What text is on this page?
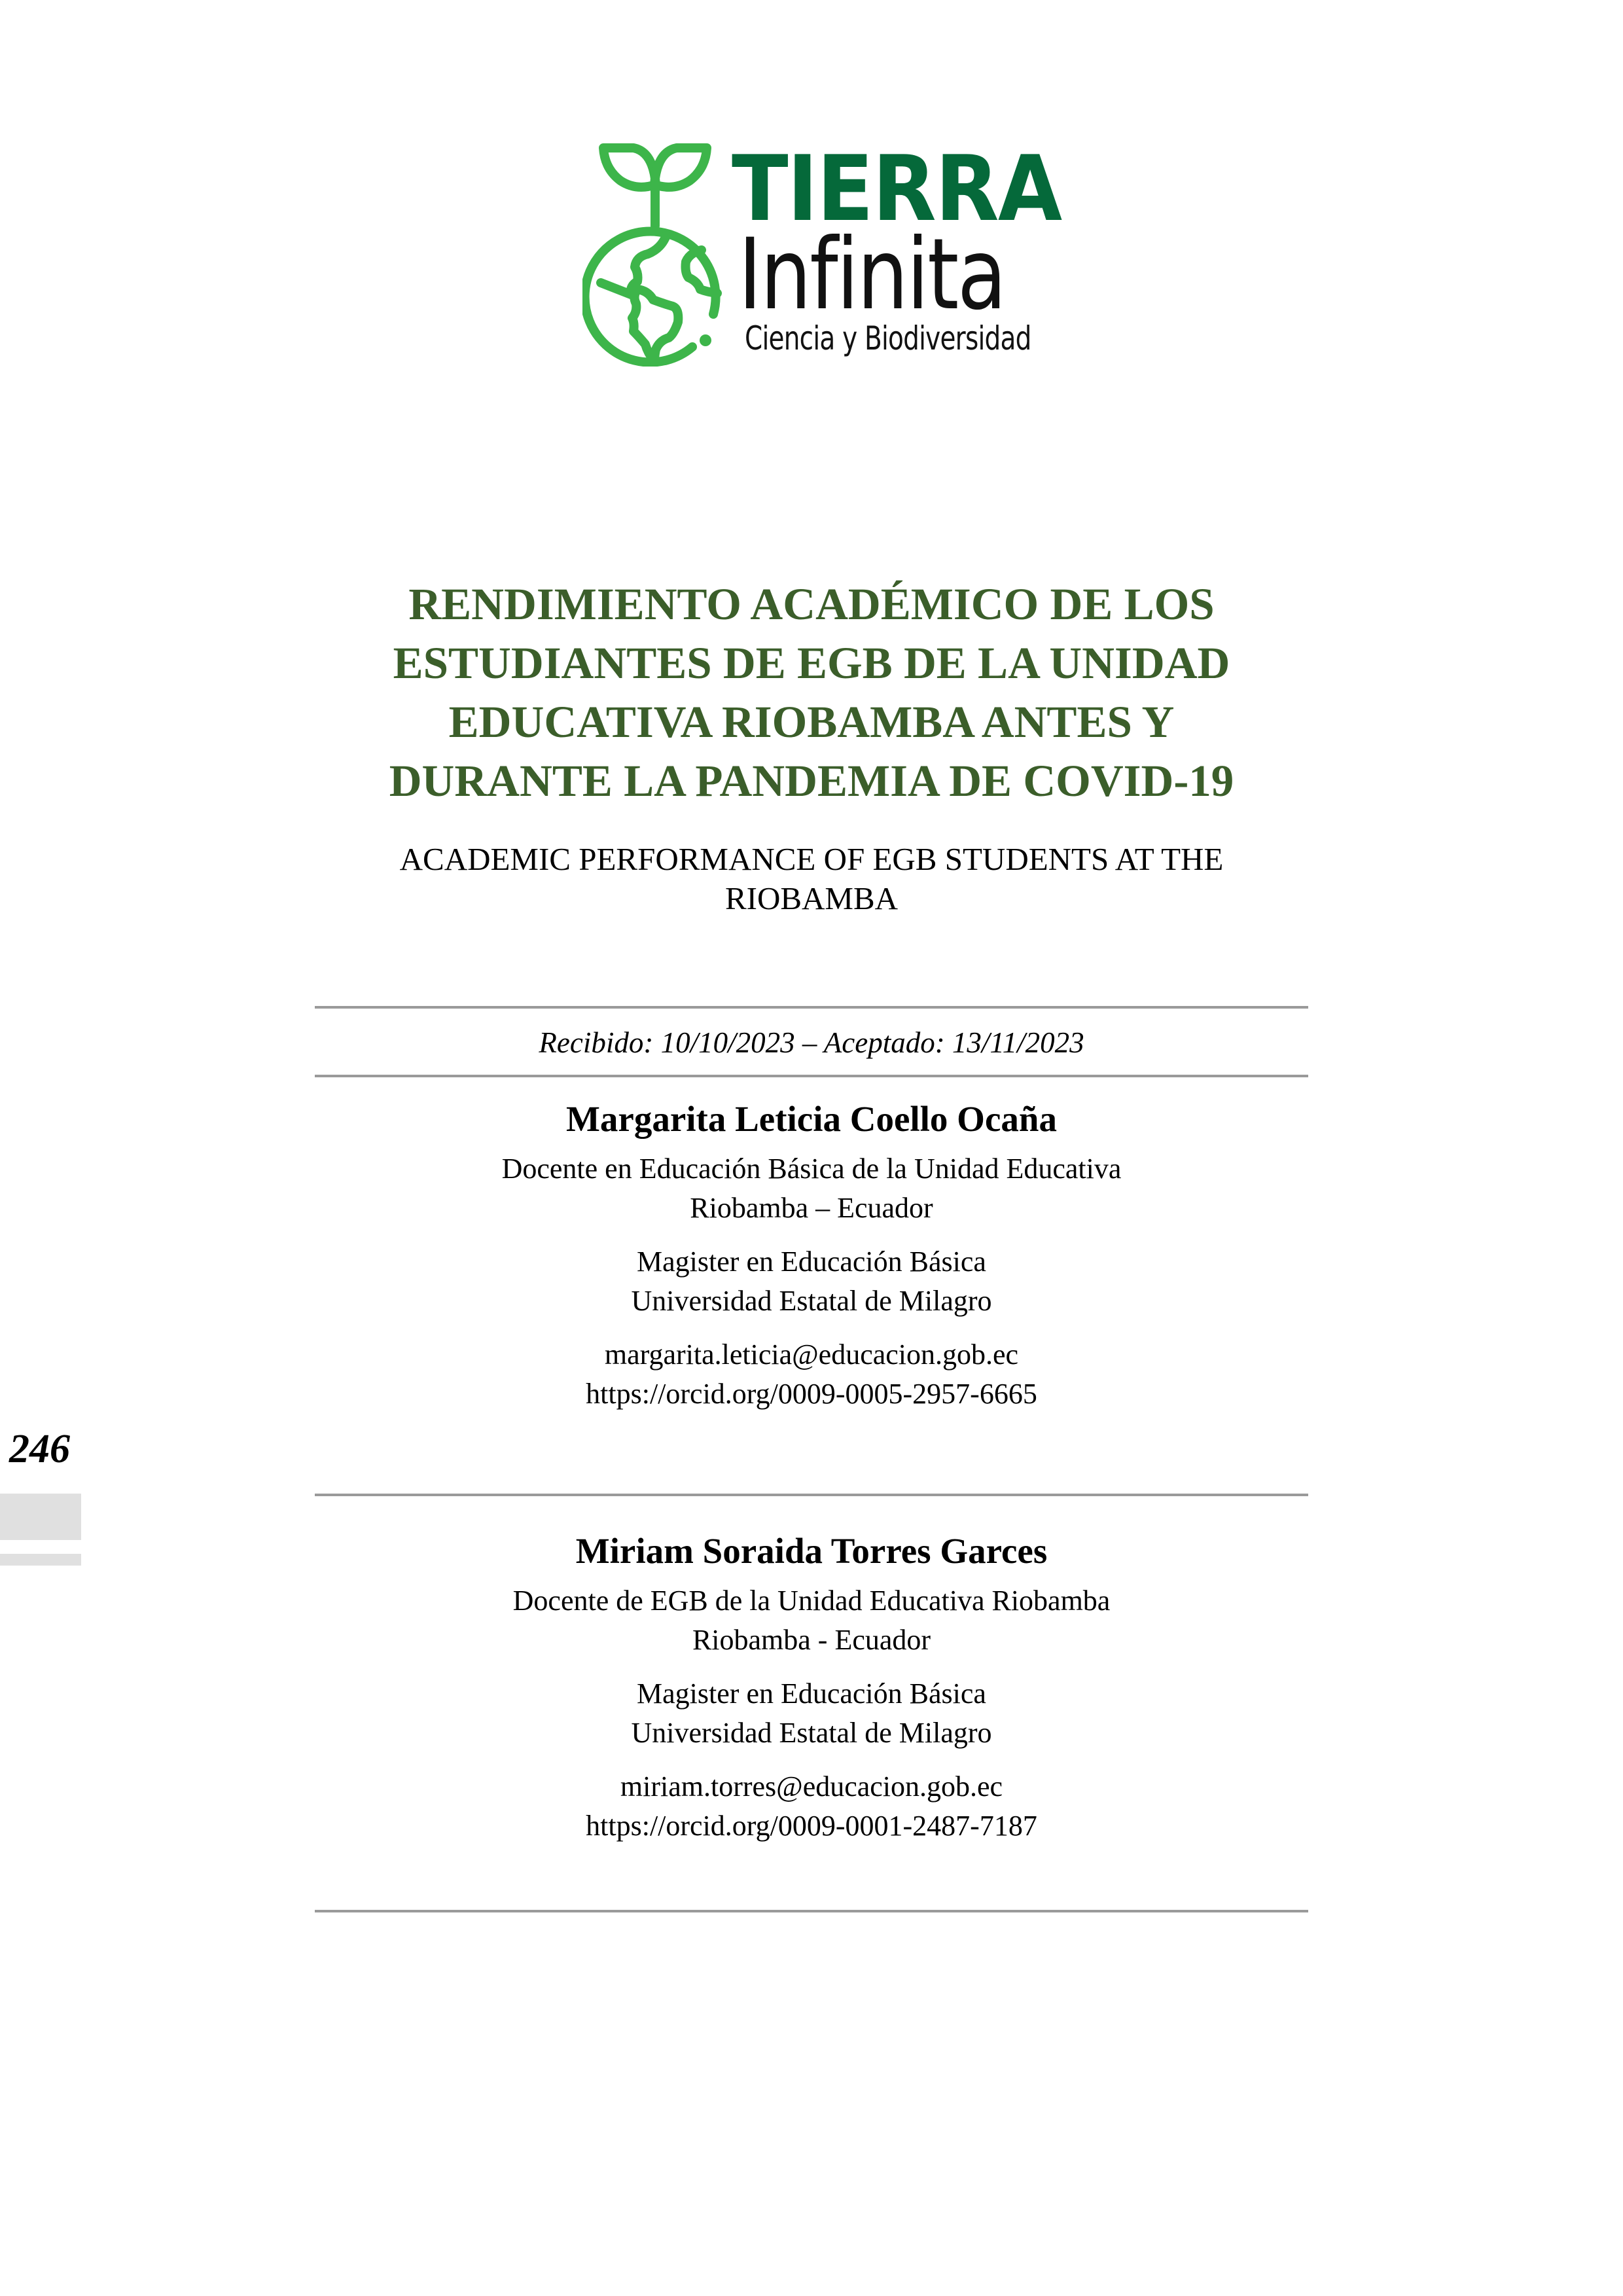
TIERRA
Infinita
Ciencia y Biodiversidad
RENDIMIENTO ACADÉMICO DE LOS
ESTUDIANTES DE EGB DE LA UNIDAD
EDUCATIVA RIOBAMBA ANTES Y
DURANTE LA PANDEMIA DE COVID-19
ACADEMIC PERFORMANCE OF EGB STUDENTS AT THE
RIOBAMBA
Recibido: 10/10/2023 – Aceptado: 13/11/2023
Margarita Leticia Coello Ocaña
Docente en Educación Básica de la Unidad Educativa
Riobamba – Ecuador
Magister en Educación Básica
Universidad Estatal de Milagro
margarita.leticia@educacion.gob.ec
https://orcid.org/0009-0005-2957-6665
Miriam Soraida Torres Garces
Docente de EGB de la Unidad Educativa Riobamba
Riobamba - Ecuador
Magister en Educación Básica
Universidad Estatal de Milagro
miriam.torres@educacion.gob.ec
https://orcid.org/0009-0001-2487-7187
246
